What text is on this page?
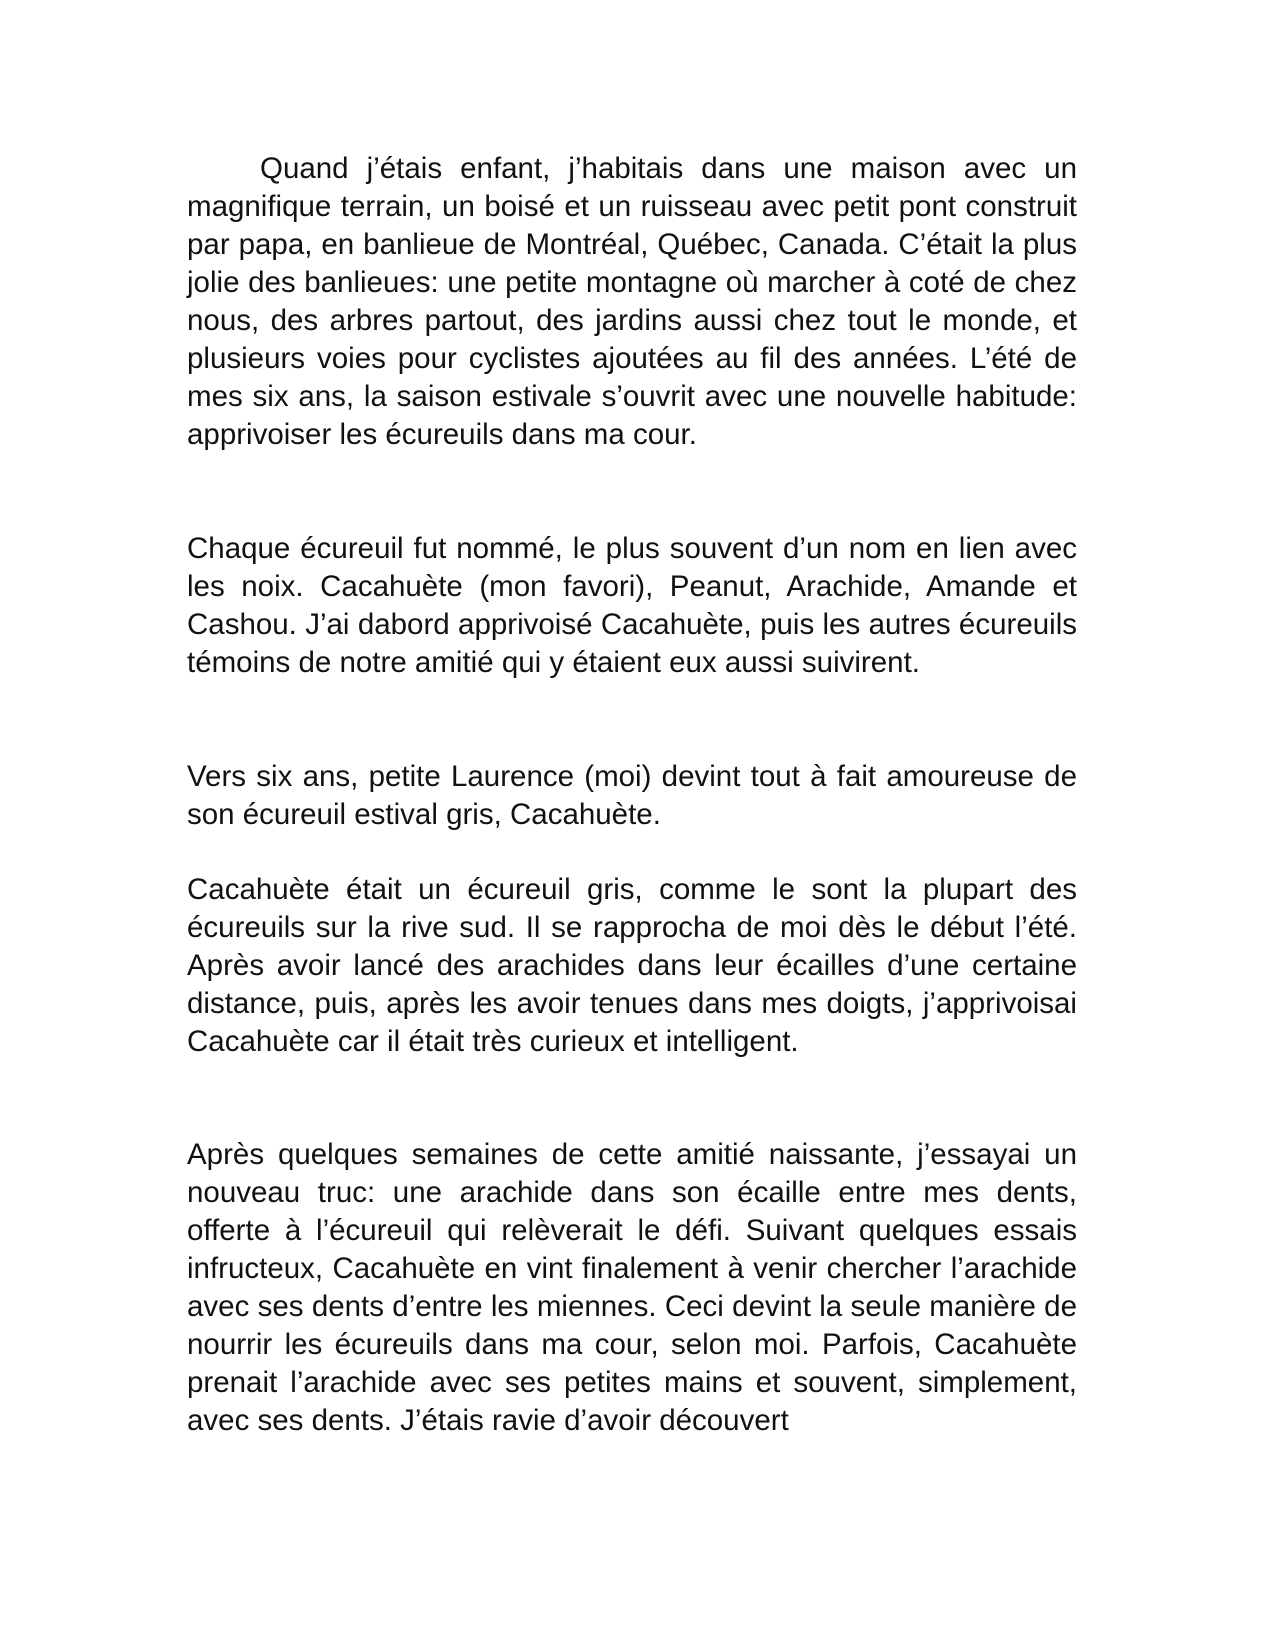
Quand j’étais enfant, j’habitais dans une maison avec un magnifique terrain, un boisé et un ruisseau avec petit pont construit par papa, en banlieue de Montréal, Québec, Canada. C’était la plus jolie des banlieues: une petite montagne où marcher à coté de chez nous, des arbres partout, des jardins aussi chez tout le monde, et plusieurs voies pour cyclistes ajoutées au fil des années. L’été de mes six ans, la saison estivale s’ouvrit avec une nouvelle habitude: apprivoiser les écureuils dans ma cour.

Chaque écureuil fut nommé, le plus souvent d’un nom en lien avec les noix. Cacahuète (mon favori), Peanut, Arachide, Amande et Cashou. J’ai dabord apprivoisé Cacahuète, puis les autres écureuils témoins de notre amitié qui y étaient eux aussi suivirent.

Vers six ans, petite Laurence (moi) devint tout à fait amoureuse de son écureuil estival gris, Cacahuète.

Cacahuète était un écureuil gris, comme le sont la plupart des écureuils sur la rive sud. Il se rapprocha de moi dès le début l’été. Après avoir lancé des arachides dans leur écailles d’une certaine distance, puis, après les avoir tenues dans mes doigts, j’apprivoisai Cacahuète car il était très curieux et intelligent.

Après quelques semaines de cette amitié naissante, j’essayai un nouveau truc: une arachide dans son écaille entre mes dents, offerte à l’écureuil qui relèverait le défi. Suivant quelques essais infructeux, Cacahuète en vint finalement à venir chercher l’arachide avec ses dents d’entre les miennes. Ceci devint la seule manière de nourrir les écureuils dans ma cour, selon moi. Parfois, Cacahuète prenait l’arachide avec ses petites mains et souvent, simplement, avec ses dents. J’étais ravie d’avoir découvert
